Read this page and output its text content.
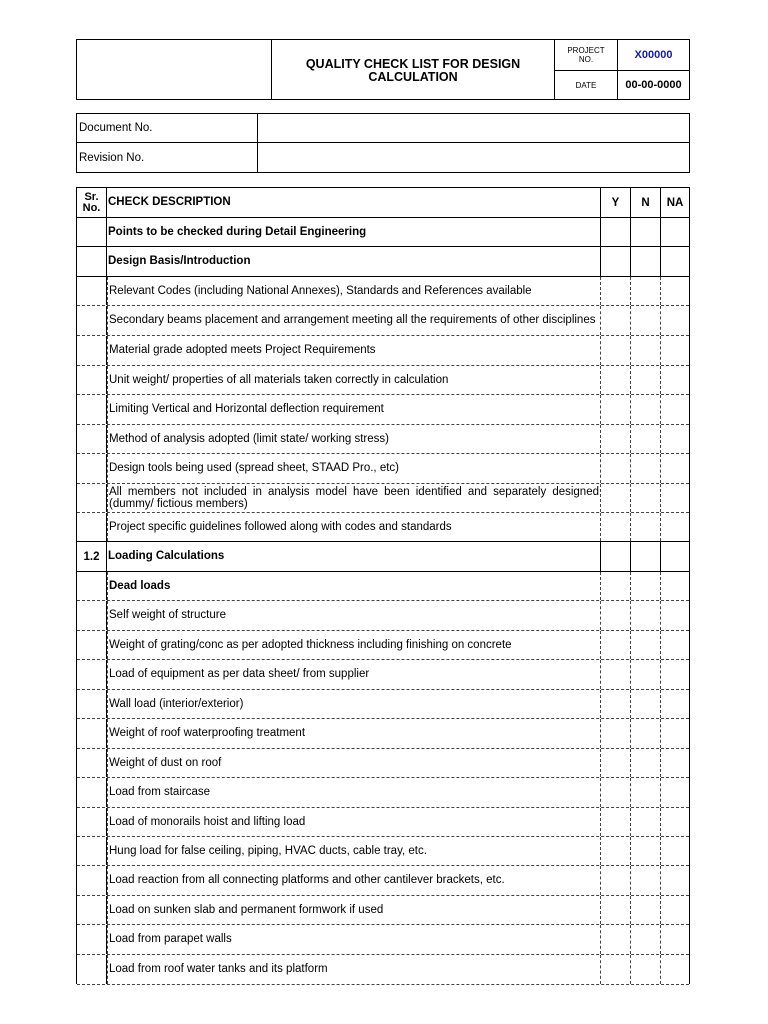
QUALITY CHECK LIST FOR DESIGN
CALCULATION
PROJECT
NO.	X00000
DATE	00-00-0000
Document No.
Revision No.
Sr.
No. CHECK DESCRIPTION	Y	N	NA
Points to be checked during Detail Engineering
Design Basis/Introduction
Relevant Codes (including National Annexes), Standards and References available
Secondary beams placement and arrangement meeting all the requirements of other disciplines
Material grade adopted meets Project Requirements
Unit weight/ properties of all materials taken correctly in calculation
Limiting Vertical and Horizontal deflection requirement
Method of analysis adopted (limit state/ working stress)
Design tools being used (spread sheet, STAAD Pro., etc)
All members not included in analysis model have been identified and separately designed (dummy/ fictious members)
Project specific guidelines followed along with codes and standards
1.2 Loading Calculations
Dead loads
Self weight of structure
Weight of grating/conc as per adopted thickness including finishing on concrete
Load of equipment as per data sheet/ from supplier
Wall load (interior/exterior)
Weight of roof waterproofing treatment
Weight of dust on roof
Load from staircase
Load of monorails hoist and lifting load
Hung load for false ceiling, piping, HVAC ducts, cable tray, etc.
Load reaction from all connecting platforms and other cantilever brackets, etc.
Load on sunken slab and permanent formwork if used
Load from parapet walls
Load from roof water tanks and its platform
